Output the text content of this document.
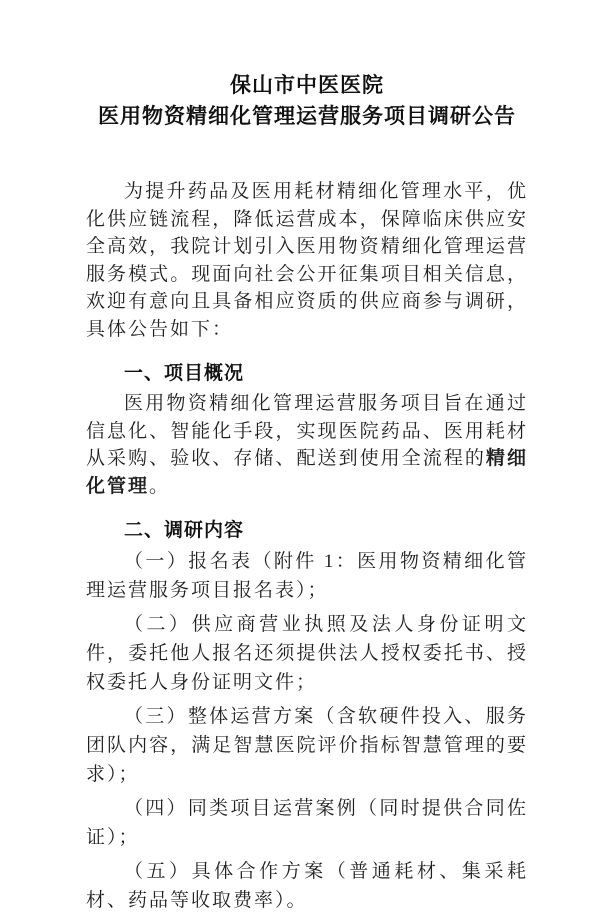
保山市中医医院
医用物资精细化管理运营服务项目调研公告

为提升药品及医用耗材精细化管理水平，优化供应链流程，降低运营成本，保障临床供应安全高效，我院计划引入医用物资精细化管理运营服务模式。现面向社会公开征集项目相关信息，欢迎有意向且具备相应资质的供应商参与调研，具体公告如下：

一、项目概况

医用物资精细化管理运营服务项目旨在通过信息化、智能化手段，实现医院药品、医用耗材从采购、验收、存储、配送到使用全流程的精细化管理。

二、调研内容

（一）报名表（附件 1：医用物资精细化管理运营服务项目报名表）；

（二）供应商营业执照及法人身份证明文件，委托他人报名还须提供法人授权委托书、授权委托人身份证明文件；

（三）整体运营方案（含软硬件投入、服务团队内容，满足智慧医院评价指标智慧管理的要求）；

（四）同类项目运营案例（同时提供合同佐证）；

（五）具体合作方案（普通耗材、集采耗材、药品等收取费率）。
